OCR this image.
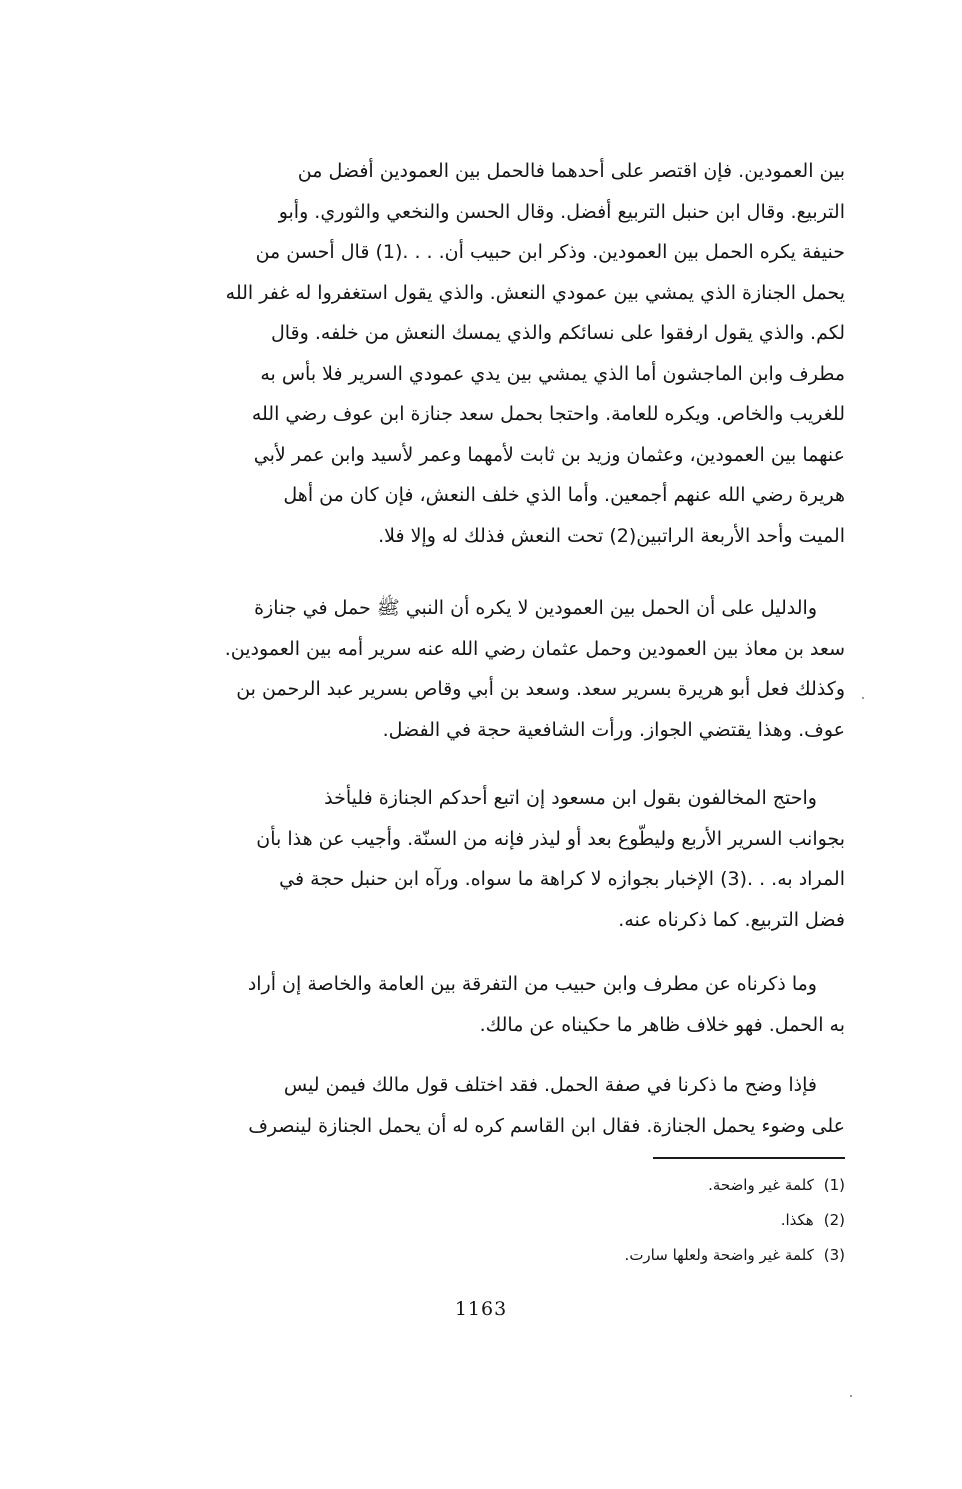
بين العمودين. فإن اقتصر على أحدهما فالحمل بين العمودين أفضل من

التربيع. وقال ابن حنبل التربيع أفضل. وقال الحسن والنخعي والثوري. وأبو

حنيفة يكره الحمل بين العمودين. وذكر ابن حبيب أن. . . .(1) قال أحسن من

يحمل الجنازة الذي يمشي بين عمودي النعش. والذي يقول استغفروا له غفر الله

لكم. والذي يقول ارفقوا على نسائكم والذي يمسك النعش من خلفه. وقال

مطرف وابن الماجشون أما الذي يمشي بين يدي عمودي السرير فلا بأس به

للغريب والخاص. ويكره للعامة. واحتجا بحمل سعد جنازة ابن عوف رضي الله

عنهما بين العمودين، وعثمان وزيد بن ثابت لأمهما وعمر لأسيد وابن عمر لأبي

هريرة رضي الله عنهم أجمعين. وأما الذي خلف النعش، فإن كان من أهل

الميت وأحد الأربعة الراتبين(2) تحت النعش فذلك له وإلا فلا.

والدليل على أن الحمل بين العمودين لا يكره أن النبي ﷺ حمل في جنازة

سعد بن معاذ بين العمودين وحمل عثمان رضي الله عنه سرير أمه بين العمودين.

وكذلك فعل أبو هريرة بسرير سعد. وسعد بن أبي وقاص بسرير عبد الرحمن بن

عوف. وهذا يقتضي الجواز. ورأت الشافعية حجة في الفضل.

واحتج المخالفون بقول ابن مسعود إن اتبع أحدكم الجنازة فليأخذ

بجوانب السرير الأربع وليطّوع بعد أو ليذر فإنه من السنّة. وأجيب عن هذا بأن

المراد به. . .(3) الإخبار بجوازه لا كراهة ما سواه. ورآه ابن حنبل حجة في

فضل التربيع. كما ذكرناه عنه.

وما ذكرناه عن مطرف وابن حبيب من التفرقة بين العامة والخاصة إن أراد

به الحمل. فهو خلاف ظاهر ما حكيناه عن مالك.

فإذا وضح ما ذكرنا في صفة الحمل. فقد اختلف قول مالك فيمن ليس

على وضوء يحمل الجنازة. فقال ابن القاسم كره له أن يحمل الجنازة لينصرف

(1)كلمة غير واضحة.
(2)هكذا.
(3)كلمة غير واضحة ولعلها سارت.
1163
